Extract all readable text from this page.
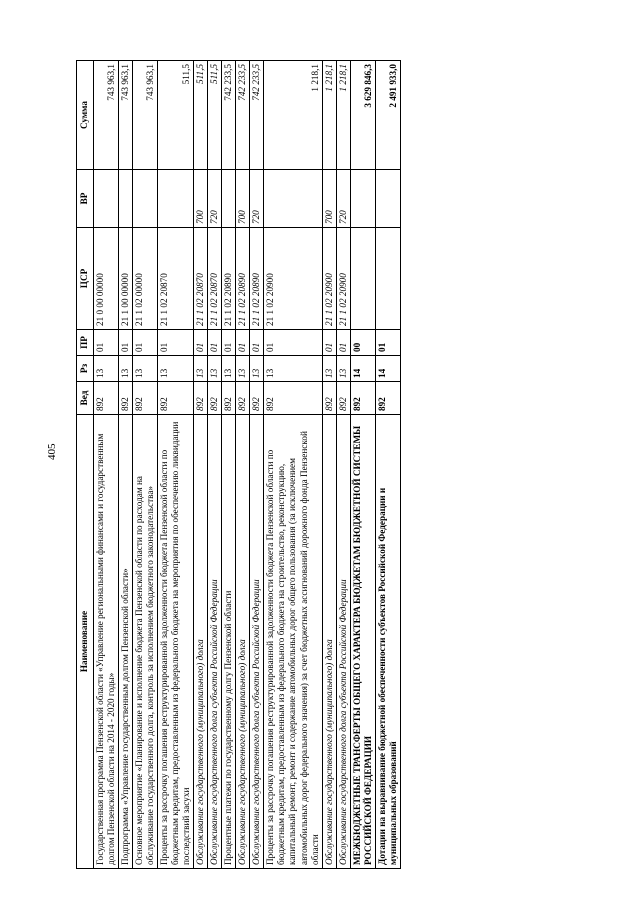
405
Наименование	Вед	Рз	ПР	ЦСР	ВР	Сумма
Государственная программа Пензенской области «Управление региональными финансами и государственным долгом Пензенской области на 2014 - 2020 годы»	892	13	01	21 0 00 00000		743 963,1
Подпрограмма «Управление государственным долгом Пензенской области»	892	13	01	21 1 00 00000		743 963,1
Основное мероприятие «Планирование и исполнение бюджета Пензенской области по расходам на обслуживание государственного долга, контроль за исполнением бюджетного законодательства»	892	13	01	21 1 02 00000		743 963,1
Проценты за рассрочку погашения реструктурированной задолженности бюджета Пензенской области по бюджетным кредитам, предоставленным из федерального бюджета на мероприятия по обеспечению ликвидации последствий засухи	892	13	01	21 1 02 20870		511,5
Обслуживание государственного (муниципального) долга	892	13	01	21 1 02 20870	700	511,5
Обслуживание государственного долга субъекта Российской Федерации	892	13	01	21 1 02 20870	720	511,5
Процентные платежи по государственному долгу Пензенской области	892	13	01	21 1 02 20890		742 233,5
Обслуживание государственного (муниципального) долга	892	13	01	21 1 02 20890	700	742 233,5
Обслуживание государственного долга субъекта Российской Федерации	892	13	01	21 1 02 20890	720	742 233,5
Проценты за рассрочку погашения реструктурированной задолженности бюджета Пензенской области по бюджетным кредитам, предоставленным из федерального бюджета на строительство, реконструкцию, капитальный ремонт, ремонт и содержание автомобильных дорог общего пользования (за исключением автомобильных дорог федерального значения) за счет бюджетных ассигнований дорожного фонда Пензенской области	892	13	01	21 1 02 20900		1 218,1
Обслуживание государственного (муниципального) долга	892	13	01	21 1 02 20900	700	1 218,1
Обслуживание государственного долга субъекта Российской Федерации	892	13	01	21 1 02 20900	720	1 218,1
МЕЖБЮДЖЕТНЫЕ ТРАНСФЕРТЫ ОБЩЕГО ХАРАКТЕРА БЮДЖЕТАМ БЮДЖЕТНОЙ СИСТЕМЫ РОССИЙСКОЙ ФЕДЕРАЦИИ	892	14	00			3 629 846,3
Дотации на выравнивание бюджетной обеспеченности субъектов Российской Федерации и муниципальных образований	892	14	01			2 491 933,0
